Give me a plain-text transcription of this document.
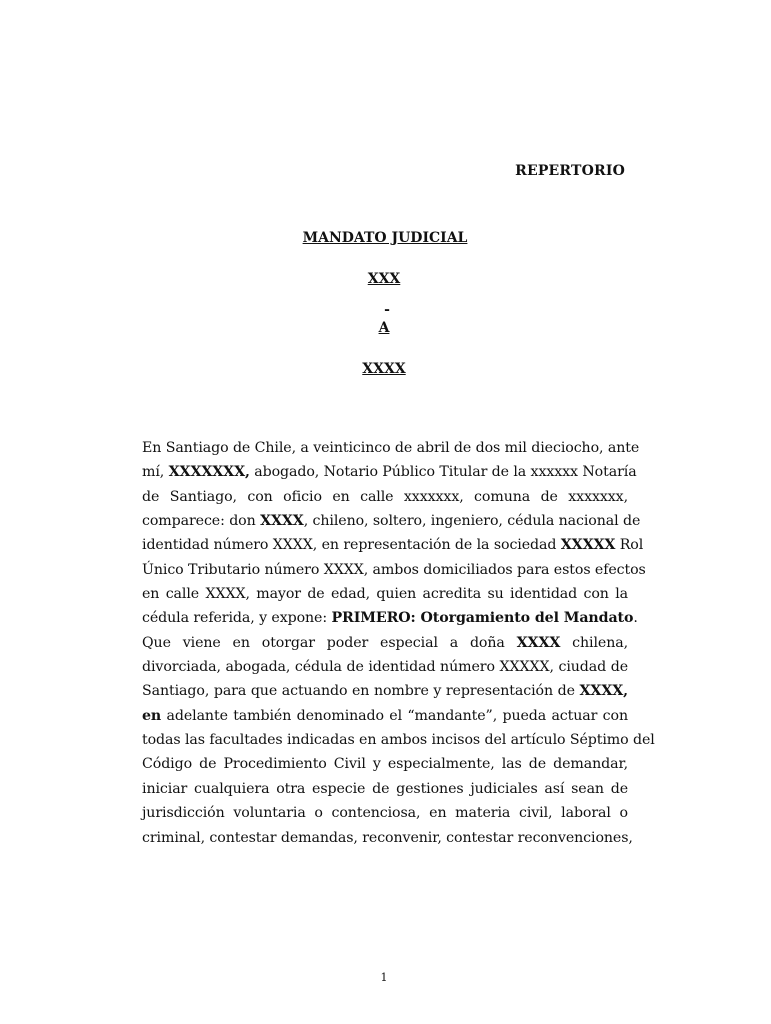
REPERTORIO
MANDATO JUDICIAL
XXX
-
A
XXXX
En Santiago de Chile, a veinticinco de abril de dos mil dieciocho, ante
mí, XXXXXXX, abogado, Notario Público Titular de la xxxxxx Notaría
de Santiago, con oficio en calle xxxxxxx, comuna de xxxxxxx,
comparece: don XXXX, chileno, soltero, ingeniero, cédula nacional de
identidad número XXXX, en representación de la sociedad XXXXX Rol
Único Tributario número XXXX, ambos domiciliados para estos efectos
en calle XXXX, mayor de edad, quien acredita su identidad con la
cédula referida, y expone: PRIMERO: Otorgamiento del Mandato.
Que viene en otorgar poder especial a doña XXXX chilena,
divorciada, abogada, cédula de identidad número XXXXX, ciudad de
Santiago, para que actuando en nombre y representación de XXXX,
en adelante también denominado el “mandante”, pueda actuar con
todas las facultades indicadas en ambos incisos del artículo Séptimo del
Código de Procedimiento Civil y especialmente, las de demandar,
iniciar cualquiera otra especie de gestiones judiciales así sean de
jurisdicción voluntaria o contenciosa, en materia civil, laboral o
criminal, contestar demandas, reconvenir, contestar reconvenciones,
1
